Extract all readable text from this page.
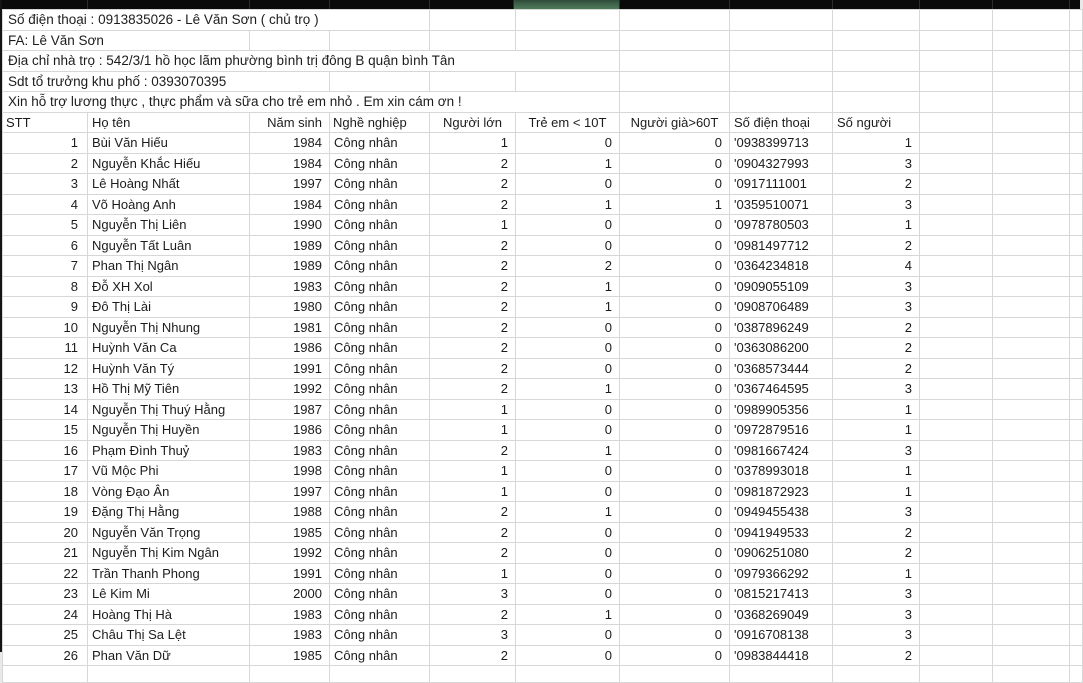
Số điện thoại : 0913835026 - Lê Văn Sơn ( chủ trọ )											
FA: Lê Văn Sơn											
Địa chỉ nhà trọ : 542/3/1 hồ học lãm phường bình trị đông B quận bình Tân											
Sdt tổ trưởng khu phố : 0393070395											
Xin hỗ trợ lương thực , thực phẩm và sữa cho trẻ em nhỏ . Em xin cám ơn !											
STT	Họ tên	Năm sinh	Nghề nghiệp	Người lớn	Trẻ em < 10T	Người già>60T	Số điện thoại	Số người			
1	Bùi Văn Hiếu	1984	Công nhân	1	0	0	'0938399713	1			
2	Nguyễn Khắc Hiếu	1984	Công nhân	2	1	0	'0904327993	3			
3	Lê Hoàng Nhất	1997	Công nhân	2	0	0	'0917111001	2			
4	Võ Hoàng Anh	1984	Công nhân	2	1	1	'0359510071	3			
5	Nguyễn Thị Liên	1990	Công nhân	1	0	0	'0978780503	1			
6	Nguyễn Tất Luân	1989	Công nhân	2	0	0	'0981497712	2			
7	Phan Thị Ngân	1989	Công nhân	2	2	0	'0364234818	4			
8	Đỗ XH Xol	1983	Công nhân	2	1	0	'0909055109	3			
9	Đô Thị Lài	1980	Công nhân	2	1	0	'0908706489	3			
10	Nguyễn Thị Nhung	1981	Công nhân	2	0	0	'0387896249	2			
11	Huỳnh Văn Ca	1986	Công nhân	2	0	0	'0363086200	2			
12	Huỳnh Văn Tý	1991	Công nhân	2	0	0	'0368573444	2			
13	Hồ Thị Mỹ Tiên	1992	Công nhân	2	1	0	'0367464595	3			
14	Nguyễn Thị Thuý Hằng	1987	Công nhân	1	0	0	'0989905356	1			
15	Nguyễn Thị Huyền	1986	Công nhân	1	0	0	'0972879516	1			
16	Phạm Đình Thuỷ	1983	Công nhân	2	1	0	'0981667424	3			
17	Vũ Mộc Phi	1998	Công nhân	1	0	0	'0378993018	1			
18	Vòng Đạo Ân	1997	Công nhân	1	0	0	'0981872923	1			
19	Đặng Thị Hằng	1988	Công nhân	2	1	0	'0949455438	3			
20	Nguyễn Văn Trọng	1985	Công nhân	2	0	0	'0941949533	2			
21	Nguyễn Thị Kim Ngân	1992	Công nhân	2	0	0	'0906251080	2			
22	Trần Thanh Phong	1991	Công nhân	1	0	0	'0979366292	1			
23	Lê Kim Mi	2000	Công nhân	3	0	0	'0815217413	3			
24	Hoàng Thị Hà	1983	Công nhân	2	1	0	'0368269049	3			
25	Châu Thị Sa Lệt	1983	Công nhân	3	0	0	'0916708138	3			
26	Phan Văn Dữ	1985	Công nhân	2	0	0	'0983844418	2			
